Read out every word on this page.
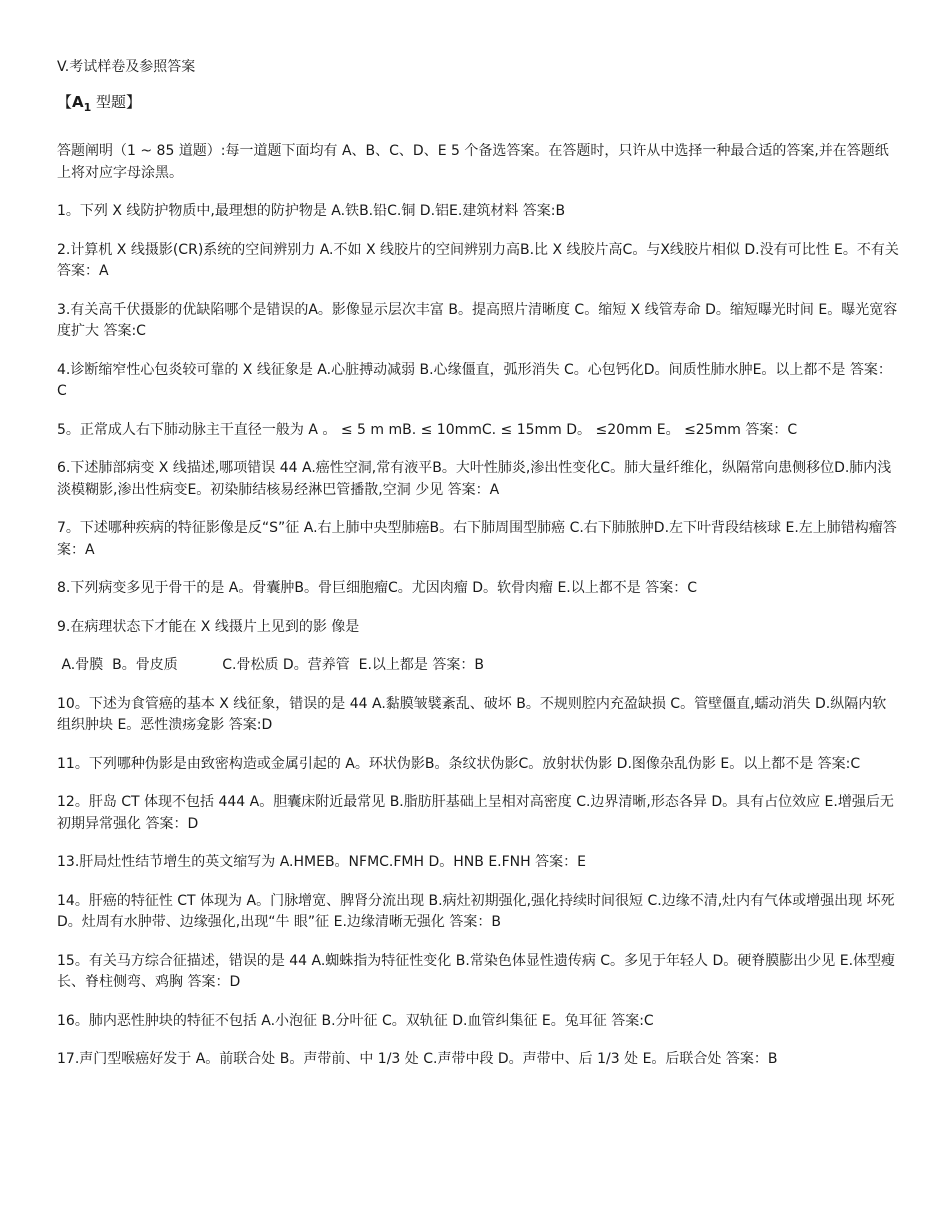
V.考试样卷及参照答案
【$A_1$ 型题】

答题阐明（1 ~ 85 道题）:每一道题下面均有 A、B、C、D、E 5 个备选答案。在答题时，只许从中选择一种最合适的答案,并在答题纸上将对应字母涂黑。

1。下列 X 线防护物质中,最理想的防护物是 A.铁B.铅C.铜 D.铝E.建筑材料 答案:B

2.计算机 X 线摄影(CR)系统的空间辨别力 A.不如 X 线胶片的空间辨别力高B.比 X 线胶片高C。与X线胶片相似 D.没有可比性 E。不有关答案：A

3.有关高千伏摄影的优缺陷哪个是错误的A。影像显示层次丰富 B。提高照片清晰度 C。缩短 X 线管寿命 D。缩短曝光时间 E。曝光宽容度扩大 答案:C

4.诊断缩窄性心包炎较可靠的 X 线征象是 A.心脏搏动减弱 B.心缘僵直，弧形消失 C。心包钙化D。间质性肺水肿E。以上都不是 答案：C

5。正常成人右下肺动脉主干直径一般为 A 。 ≤ 5 m mB. ≤ 10mmC. ≤ 15mm D。 ≤20mm E。 ≤25mm 答案：C

6.下述肺部病变 X 线描述,哪项错误 44 A.癌性空洞,常有液平B。大叶性肺炎,渗出性变化C。肺大量纤维化，纵隔常向患侧移位D.肺内浅淡模糊影,渗出性病变E。初染肺结核易经淋巴管播散,空洞 少见 答案：A

7。下述哪种疾病的特征影像是反“S”征 A.右上肺中央型肺癌B。右下肺周围型肺癌 C.右下肺脓肿D.左下叶背段结核球 E.左上肺错构瘤答案：A

8.下列病变多见于骨干的是 A。骨囊肿B。骨巨细胞瘤C。尤因肉瘤 D。软骨肉瘤 E.以上都不是 答案：C

9.在病理状态下才能在 X 线摄片上见到的影 像是

A.骨膜  B。骨皮质          C.骨松质 D。营养管  E.以上都是 答案：B

10。下述为食管癌的基本 X 线征象，错误的是 44 A.黏膜皱襞紊乱、破坏 B。不规则腔内充盈缺损 C。管壁僵直,蠕动消失 D.纵隔内软组织肿块 E。恶性溃疡龛影 答案:D

11。下列哪种伪影是由致密构造或金属引起的 A。环状伪影B。条纹状伪影C。放射状伪影 D.图像杂乱伪影 E。以上都不是 答案:C

12。肝岛 CT 体现不包括 444 A。胆囊床附近最常见 B.脂肪肝基础上呈相对高密度 C.边界清晰,形态各异 D。具有占位效应 E.增强后无初期异常强化 答案：D

13.肝局灶性结节增生的英文缩写为 A.HMEB。NFMC.FMH D。HNB E.FNH 答案：E

14。肝癌的特征性 CT 体现为 A。门脉增宽、脾肾分流出现 B.病灶初期强化,强化持续时间很短 C.边缘不清,灶内有气体或增强出现 坏死 D。灶周有水肿带、边缘强化,出现“牛 眼”征 E.边缘清晰无强化 答案：B

15。有关马方综合征描述，错误的是 44 A.蜘蛛指为特征性变化 B.常染色体显性遗传病 C。多见于年轻人 D。硬脊膜膨出少见 E.体型瘦长、脊柱侧弯、鸡胸 答案：D

16。肺内恶性肿块的特征不包括 A.小泡征 B.分叶征 C。双轨征 D.血管纠集征 E。兔耳征 答案:C

17.声门型喉癌好发于 A。前联合处 B。声带前、中 1/3 处 C.声带中段 D。声带中、后 1/3 处 E。后联合处 答案：B
